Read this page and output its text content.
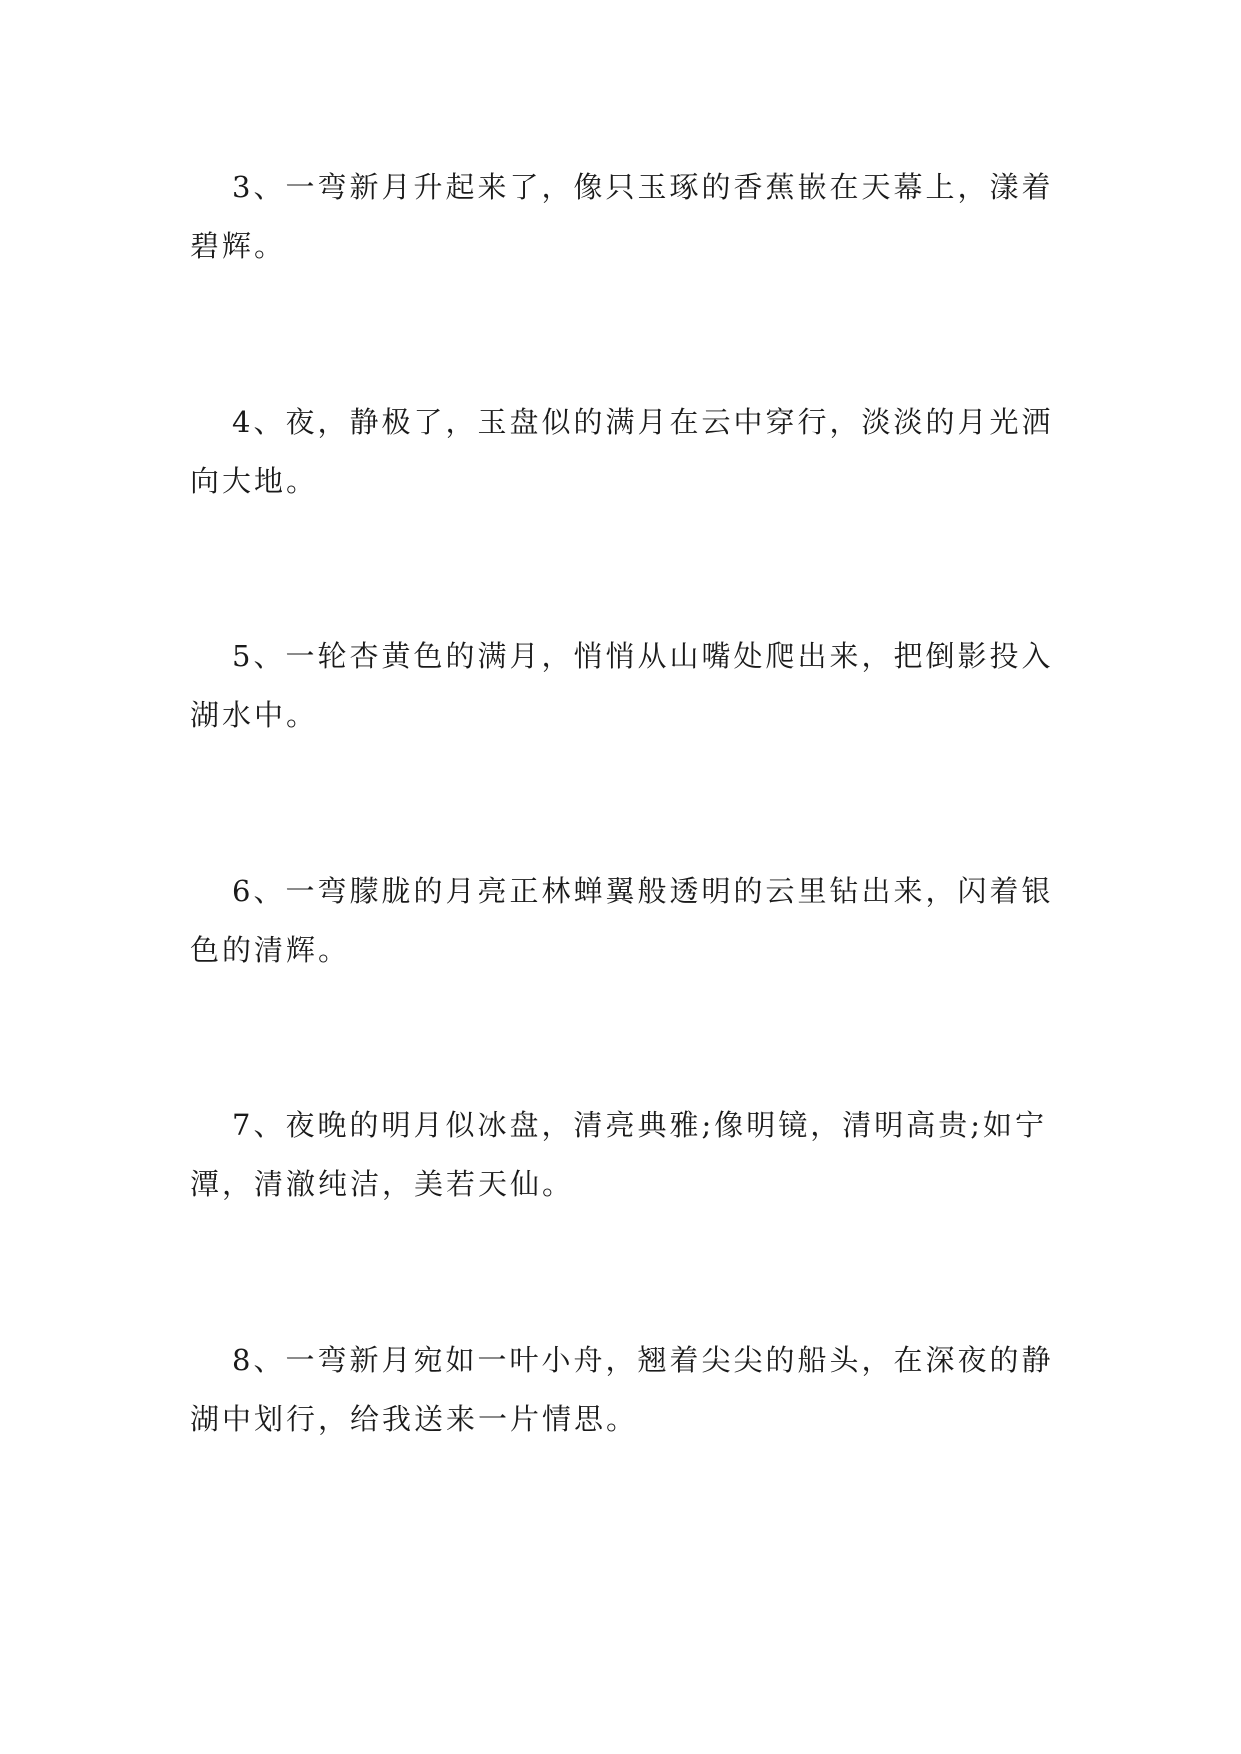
3、一弯新月升起来了，像只玉琢的香蕉嵌在天幕上，漾着碧辉。

4、夜，静极了，玉盘似的满月在云中穿行，淡淡的月光洒向大地。

5、一轮杏黄色的满月，悄悄从山嘴处爬出来，把倒影投入湖水中。

6、一弯朦胧的月亮正林蝉翼般透明的云里钻出来，闪着银色的清辉。

7、夜晚的明月似冰盘，清亮典雅;像明镜，清明高贵;如宁潭，清澈纯洁，美若天仙。

8、一弯新月宛如一叶小舟，翘着尖尖的船头，在深夜的静湖中划行，给我送来一片情思。
